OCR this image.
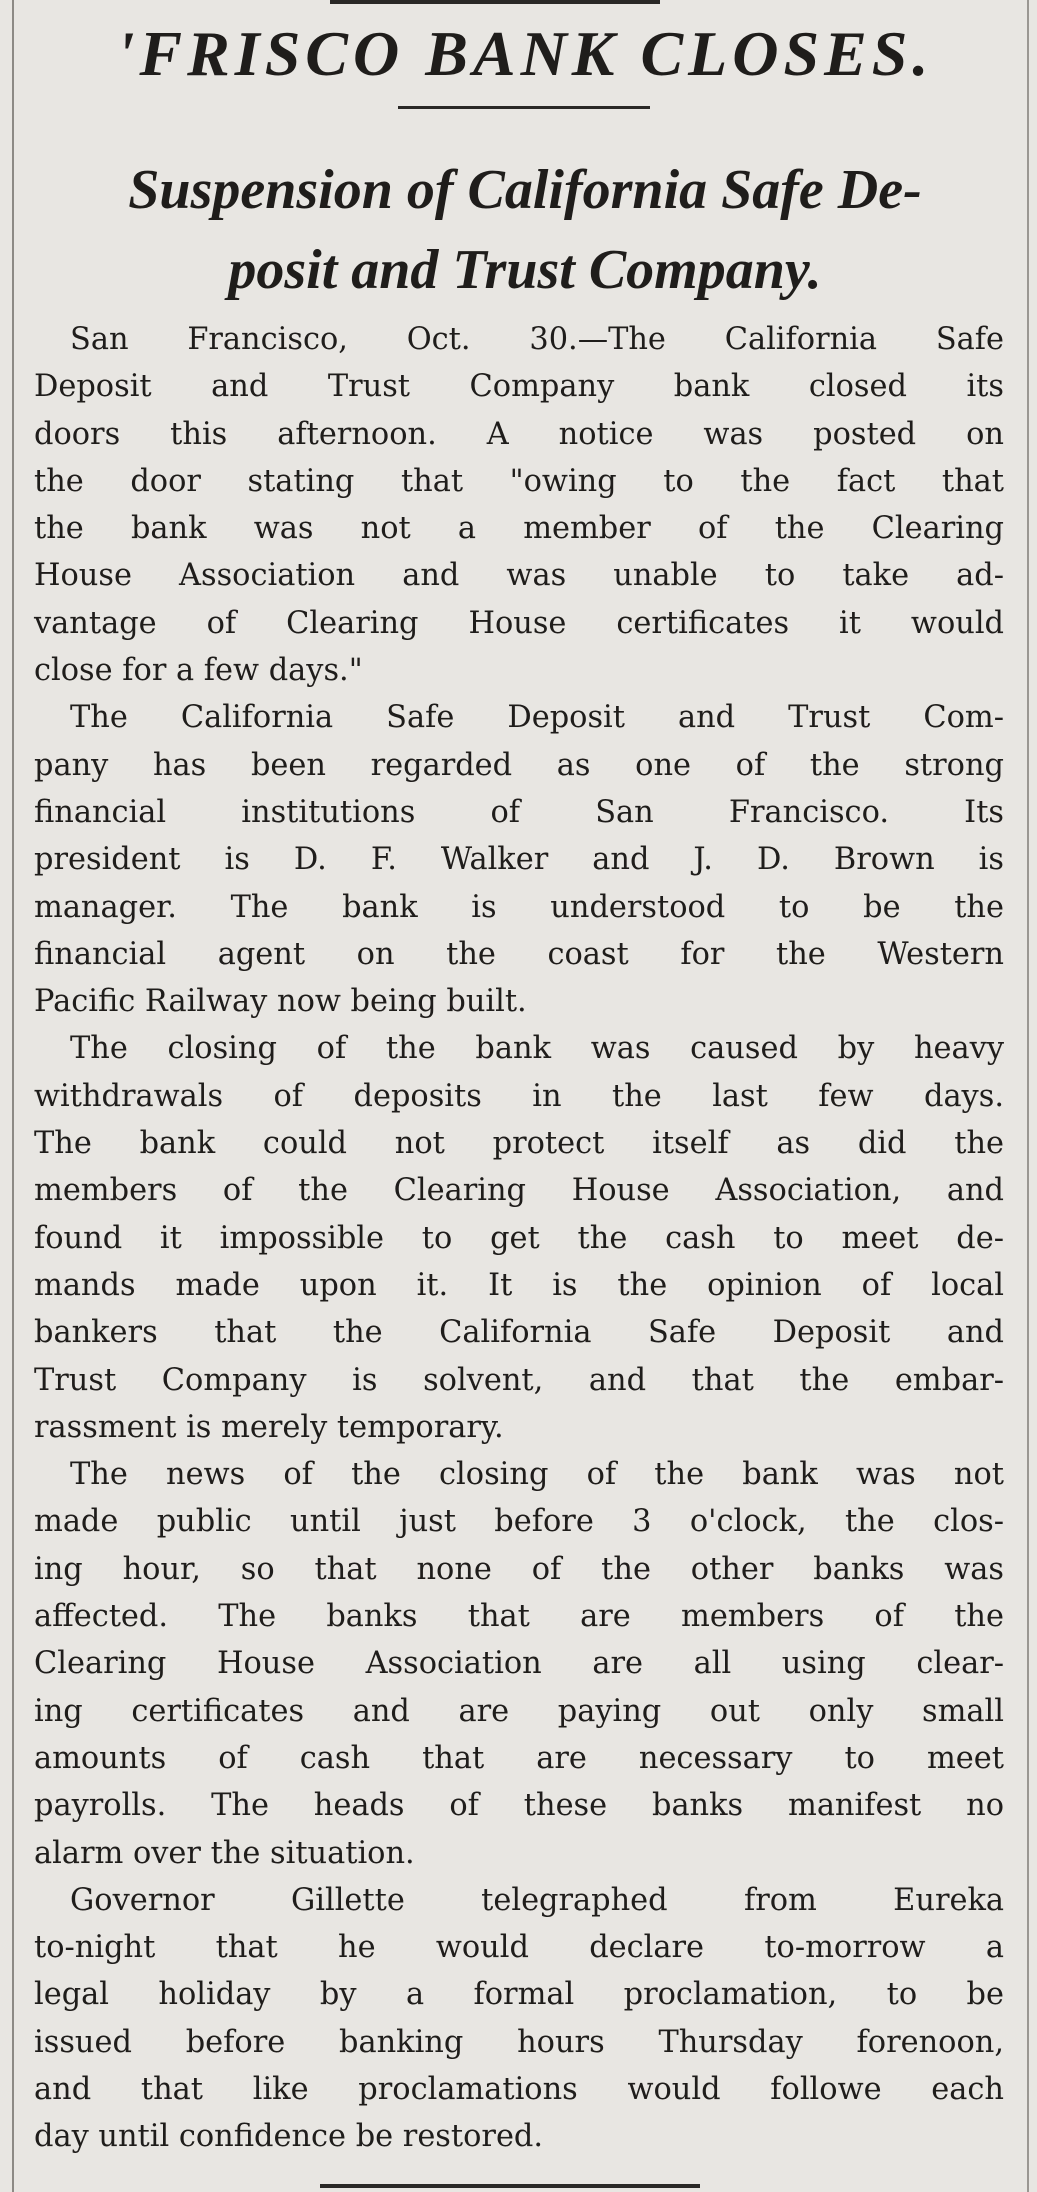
'FRISCO BANK CLOSES.
Suspension of California Safe De-
posit and Trust Company.
San Francisco, Oct. 30.—The California Safe
Deposit and Trust Company bank closed its
doors this afternoon. A notice was posted on
the door stating that "owing to the fact that
the bank was not a member of the Clearing
House Association and was unable to take ad-
vantage of Clearing House certificates it would
close for a few days."
The California Safe Deposit and Trust Com-
pany has been regarded as one of the strong
financial institutions of San Francisco. Its
president is D. F. Walker and J. D. Brown is
manager. The bank is understood to be the
financial agent on the coast for the Western
Pacific Railway now being built.
The closing of the bank was caused by heavy
withdrawals of deposits in the last few days.
The bank could not protect itself as did the
members of the Clearing House Association, and
found it impossible to get the cash to meet de-
mands made upon it. It is the opinion of local
bankers that the California Safe Deposit and
Trust Company is solvent, and that the embar-
rassment is merely temporary.
The news of the closing of the bank was not
made public until just before 3 o'clock, the clos-
ing hour, so that none of the other banks was
affected. The banks that are members of the
Clearing House Association are all using clear-
ing certificates and are paying out only small
amounts of cash that are necessary to meet
payrolls. The heads of these banks manifest no
alarm over the situation.
Governor Gillette telegraphed from Eureka
to-night that he would declare to-morrow a
legal holiday by a formal proclamation, to be
issued before banking hours Thursday forenoon,
and that like proclamations would followe each
day until confidence be restored.
